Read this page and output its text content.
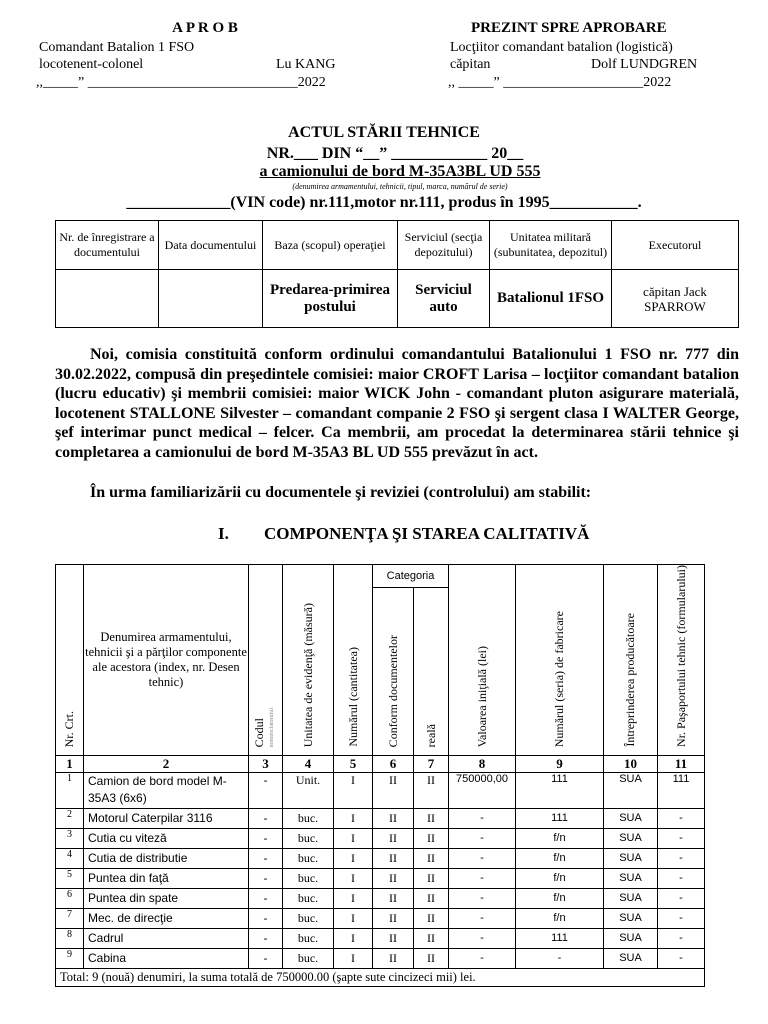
A P R O B
Comandant Batalion 1 FSO
locotenent-colonel	Lu KANG
,,_____” ______________________________2022
PREZINT SPRE APROBARE
Locţiitor comandant batalion (logistică)
căpitan	Dolf LUNDGREN
,, _____” ____________________2022
ACTUL STĂRII TEHNICE
NR.___ DIN “__” ____________ 20__
a camionului de bord M-35A3BL UD 555
(denumirea armamentului, tehnicii, tipul, marca, numărul de serie)
_____________(VIN code) nr.111,motor nr.111, produs în 1995___________.
Nr. de înregistrare a documentului	Data documentului	Baza (scopul) operaţiei	Serviciul (secţia depozitului)	Unitatea militară (subunitatea, depozitul)	Executorul
		Predarea-primirea postului	Serviciul auto	Batalionul 1FSO	căpitan Jack SPARROW
Noi, comisia constituită conform ordinului comandantului Batalionului 1 FSO nr. 777 din 30.02.2022, compusă din preşedintele comisiei: maior CROFT Larisa – locţiitor comandant batalion (lucru educativ) şi membrii comisiei: maior WICK John - comandant pluton asigurare materială, locotenent STALLONE Silvester – comandant companie 2 FSO şi sergent clasa I WALTER George, şef interimar punct medical – felcer. Ca membrii, am procedat la determinarea stării tehnice şi completarea a camionului de bord M-35A3 BL UD 555 prevăzut în act.
În urma familiarizării cu documentele şi reviziei (controlului) am stabilit:
I. COMPONENŢA ŞI STAREA CALITATIVĂ
Nr. Crt.	Denumirea armamentului, tehnicii şi a părţilor componente ale acestora (index, nr. Desen tehnic)	Codul nomenclatorului	Unitatea de evidenţă (măsură)	Numărul (cantitatea)	Categoria		Valoarea iniţială (lei)	Numărul (seria) de fabricare	Întreprinderea producătoare	Nr. Paşaportului tehnic (formularului)
					Conform documentelor	reală				
1	2	3	4	5	6	7	8	9	10	11
1	Camion de bord model M-35A3 (6x6)	-	Unit.	I	II	II	750000,00	111	SUA	111
2	Motorul Caterpilar 3116	-	buc.	I	II	II	-	111	SUA	-
3	Cutia cu viteză	-	buc.	I	II	II	-	f/n	SUA	-
4	Cutia de distributie	-	buc.	I	II	II	-	f/n	SUA	-
5	Puntea din faţă	-	buc.	I	II	II	-	f/n	SUA	-
6	Puntea din spate	-	buc.	I	II	II	-	f/n	SUA	-
7	Mec. de direcţie	-	buc.	I	II	II	-	f/n	SUA	-
8	Cadrul	-	buc.	I	II	II	-	111	SUA	-
9	Cabina	-	buc.	I	II	II	-	-	SUA	-
Total: 9 (nouă) denumiri, la suma totală de 750000.00 (şapte sute cincizeci mii) lei.										
